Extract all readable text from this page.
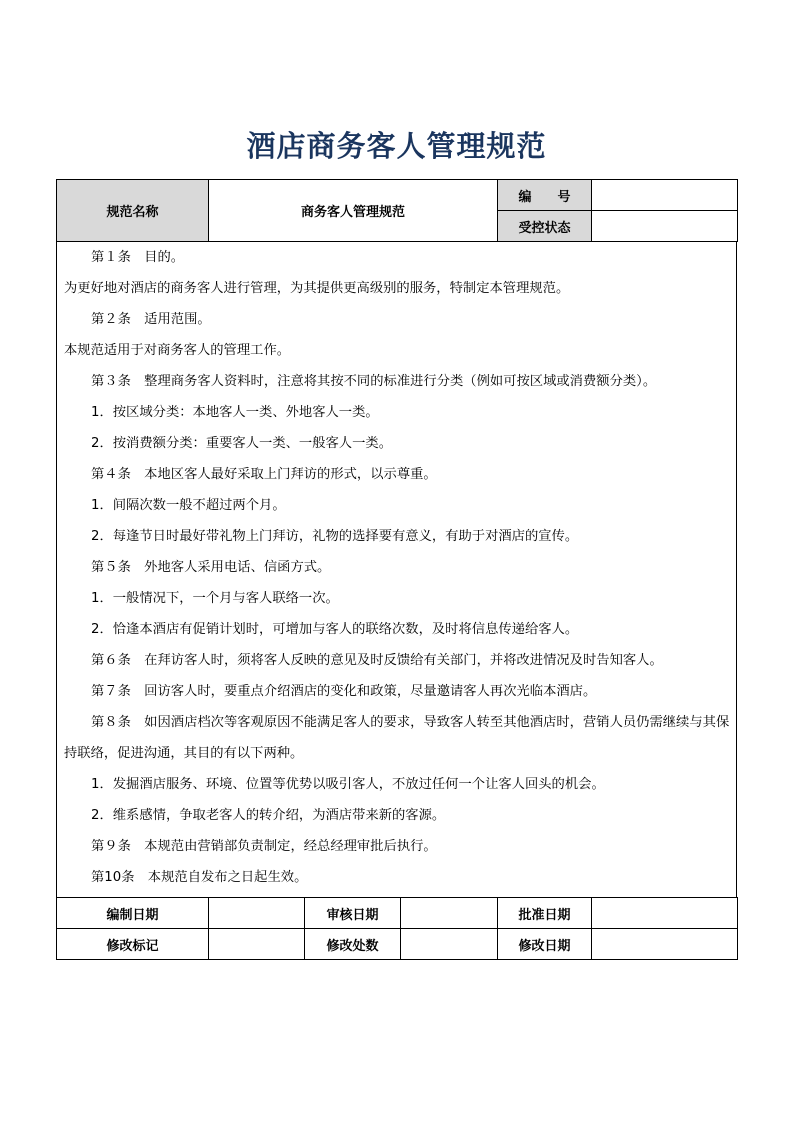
酒店商务客人管理规范
规范名称	商务客人管理规范	编　　号	
		受控状态	
第１条　目的。
为更好地对酒店的商务客人进行管理，为其提供更高级别的服务，特制定本管理规范。
第２条　适用范围。
本规范适用于对商务客人的管理工作。
第３条　整理商务客人资料时，注意将其按不同的标准进行分类（例如可按区域或消费额分类）。
1．按区域分类：本地客人一类、外地客人一类。
2．按消费额分类：重要客人一类、一般客人一类。
第４条　本地区客人最好采取上门拜访的形式，以示尊重。
1．间隔次数一般不超过两个月。
2．每逢节日时最好带礼物上门拜访，礼物的选择要有意义，有助于对酒店的宣传。
第５条　外地客人采用电话、信函方式。
1．一般情况下，一个月与客人联络一次。
2．恰逢本酒店有促销计划时，可增加与客人的联络次数，及时将信息传递给客人。
第６条　在拜访客人时，须将客人反映的意见及时反馈给有关部门，并将改进情况及时告知客人。
第７条　回访客人时，要重点介绍酒店的变化和政策，尽量邀请客人再次光临本酒店。
第８条　如因酒店档次等客观原因不能满足客人的要求，导致客人转至其他酒店时，营销人员仍需继续与其保持联络，促进沟通，其目的有以下两种。
1．发掘酒店服务、环境、位置等优势以吸引客人，不放过任何一个让客人回头的机会。
2．维系感情，争取老客人的转介绍，为酒店带来新的客源。
第９条　本规范由营销部负责制定，经总经理审批后执行。
第10条　本规范自发布之日起生效。
编制日期		审核日期		批准日期	
修改标记		修改处数		修改日期	
